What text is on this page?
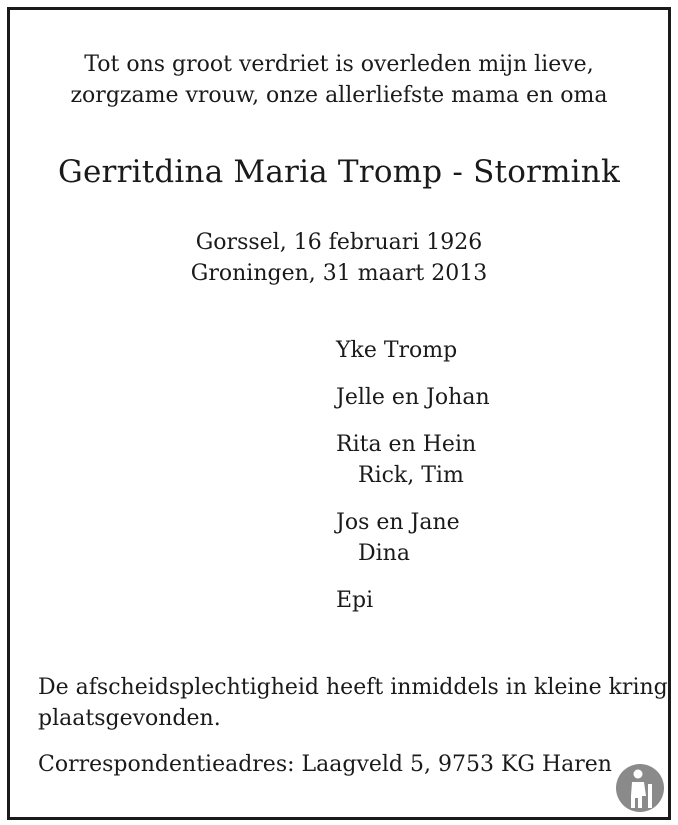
Tot ons groot verdriet is overleden mijn lieve,
zorgzame vrouw, onze allerliefste mama en oma
Gerritdina Maria Tromp - Stormink
Gorssel, 16 februari 1926
Groningen, 31 maart 2013
Yke Tromp
Jelle en Johan
Rita en Hein
Rick, Tim
Jos en Jane
Dina
Epi
De afscheidsplechtigheid heeft inmiddels in kleine kring
plaatsgevonden.
Correspondentieadres: Laagveld 5, 9753 KG Haren
